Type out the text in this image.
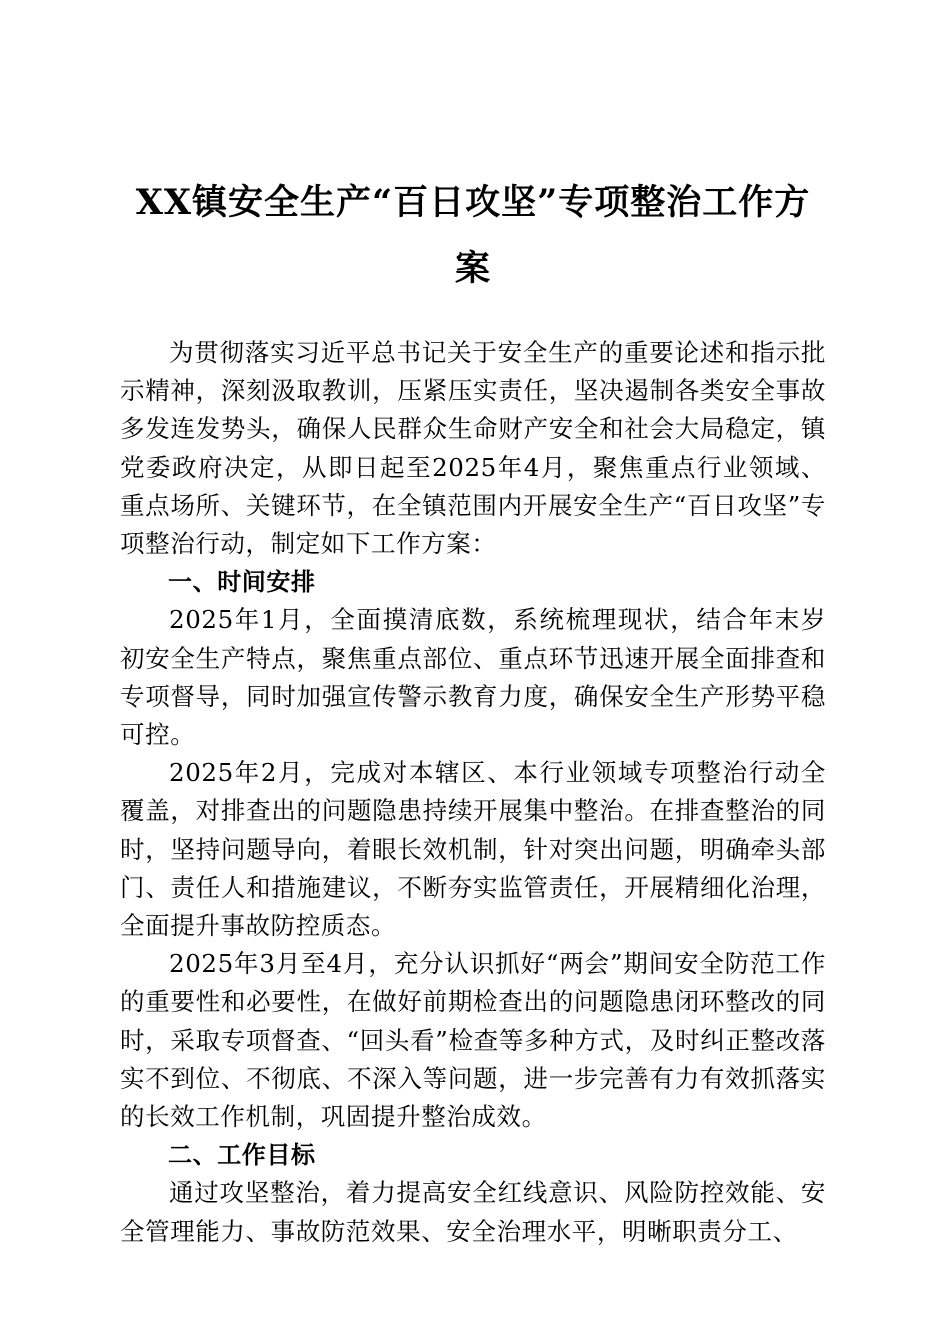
XX镇安全生产“百日攻坚”专项整治工作方
案

为贯彻落实习近平总书记关于安全生产的重要论述和指示批示精神，深刻汲取教训，压紧压实责任，坚决遏制各类安全事故多发连发势头，确保人民群众生命财产安全和社会大局稳定，镇党委政府决定，从即日起至2025年4月，聚焦重点行业领域、重点场所、关键环节，在全镇范围内开展安全生产“百日攻坚”专项整治行动，制定如下工作方案：

一、时间安排

2025年1月，全面摸清底数，系统梳理现状，结合年末岁初安全生产特点，聚焦重点部位、重点环节迅速开展全面排查和专项督导，同时加强宣传警示教育力度，确保安全生产形势平稳可控。

2025年2月，完成对本辖区、本行业领域专项整治行动全覆盖，对排查出的问题隐患持续开展集中整治。在排查整治的同时，坚持问题导向，着眼长效机制，针对突出问题，明确牵头部门、责任人和措施建议，不断夯实监管责任，开展精细化治理，全面提升事故防控质态。

2025年3月至4月，充分认识抓好“两会”期间安全防范工作的重要性和必要性，在做好前期检查出的问题隐患闭环整改的同时，采取专项督查、“回头看”检查等多种方式，及时纠正整改落实不到位、不彻底、不深入等问题，进一步完善有力有效抓落实的长效工作机制，巩固提升整治成效。

二、工作目标

通过攻坚整治，着力提高安全红线意识、风险防控效能、安全管理能力、事故防范效果、安全治理水平，明晰职责分工、
